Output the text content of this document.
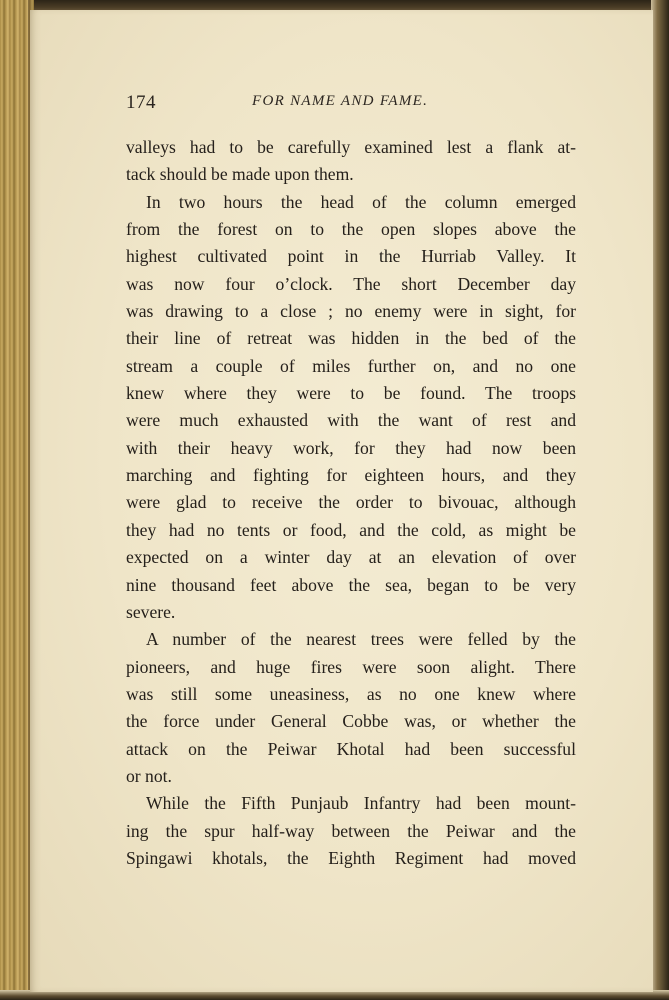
174	FOR NAME AND FAME.
valleys had to be carefully examined lest a flank at-
tack should be made upon them.
In two hours the head of the column emerged
from the forest on to the open slopes above the
highest cultivated point in the Hurriab Valley. It
was now four o’clock. The short December day
was drawing to a close ; no enemy were in sight, for
their line of retreat was hidden in the bed of the
stream a couple of miles further on, and no one
knew where they were to be found. The troops
were much exhausted with the want of rest and
with their heavy work, for they had now been
marching and fighting for eighteen hours, and they
were glad to receive the order to bivouac, although
they had no tents or food, and the cold, as might be
expected on a winter day at an elevation of over
nine thousand feet above the sea, began to be very
severe.
A number of the nearest trees were felled by the
pioneers, and huge fires were soon alight. There
was still some uneasiness, as no one knew where
the force under General Cobbe was, or whether the
attack on the Peiwar Khotal had been successful
or not.
While the Fifth Punjaub Infantry had been mount-
ing the spur half-way between the Peiwar and the
Spingawi khotals, the Eighth Regiment had moved
